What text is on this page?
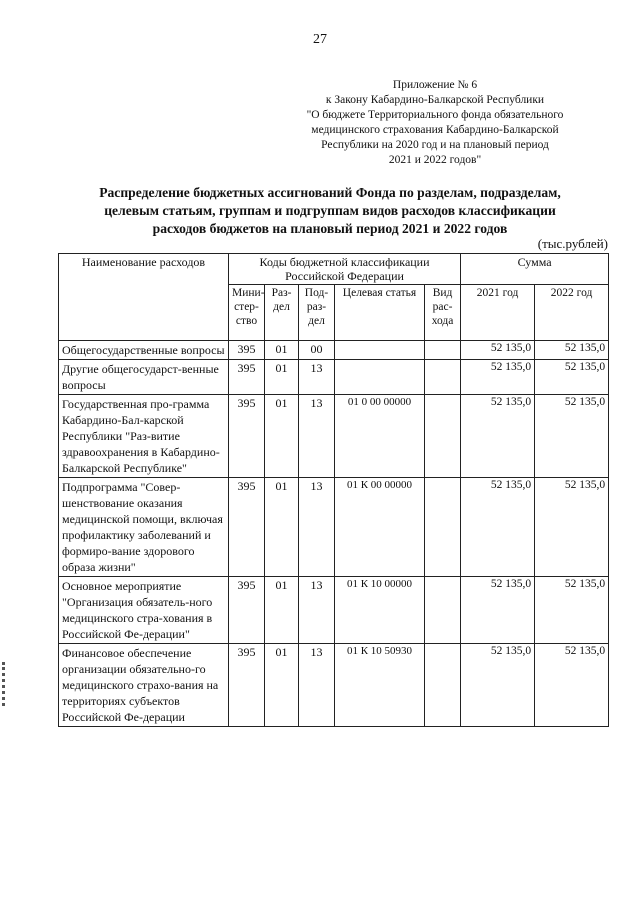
27
Приложение № 6
к Закону Кабардино-Балкарской Республики
"О бюджете Территориального фонда обязательного
медицинского страхования Кабардино-Балкарской
Республики на 2020 год и на плановый период
2021 и 2022 годов"
Распределение бюджетных ассигнований Фонда по разделам, подразделам,
целевым статьям, группам и подгруппам видов расходов классификации
расходов бюджетов на плановый период 2021 и 2022 годов
(тыс.рублей)
Наименование расходов	Коды бюджетной классификации Российской Федерации					Сумма	
	Мини-стер-ство	Раз-дел	Под-раз-дел	Целевая статья	Вид рас-хода	2021 год	2022 год
Общегосударственные вопросы	395	01	00			52 135,0	52 135,0
Другие общегосударст-венные вопросы	395	01	13			52 135,0	52 135,0
Государственная про-грамма Кабардино-Бал-карской Республики "Раз-витие здравоохранения в Кабардино-Балкарской Республике"	395	01	13	01 0 00 00000		52 135,0	52 135,0
Подпрограмма "Совер-шенствование оказания медицинской помощи, включая профилактику заболеваний и формиро-вание здорового образа жизни"	395	01	13	01 К 00 00000		52 135,0	52 135,0
Основное мероприятие "Организация обязатель-ного медицинского стра-хования в Российской Фе-дерации"	395	01	13	01 К 10 00000		52 135,0	52 135,0
Финансовое обеспечение организации обязательно-го медицинского страхо-вания на территориях субъектов Российской Фе-дерации	395	01	13	01 К 10 50930		52 135,0	52 135,0
